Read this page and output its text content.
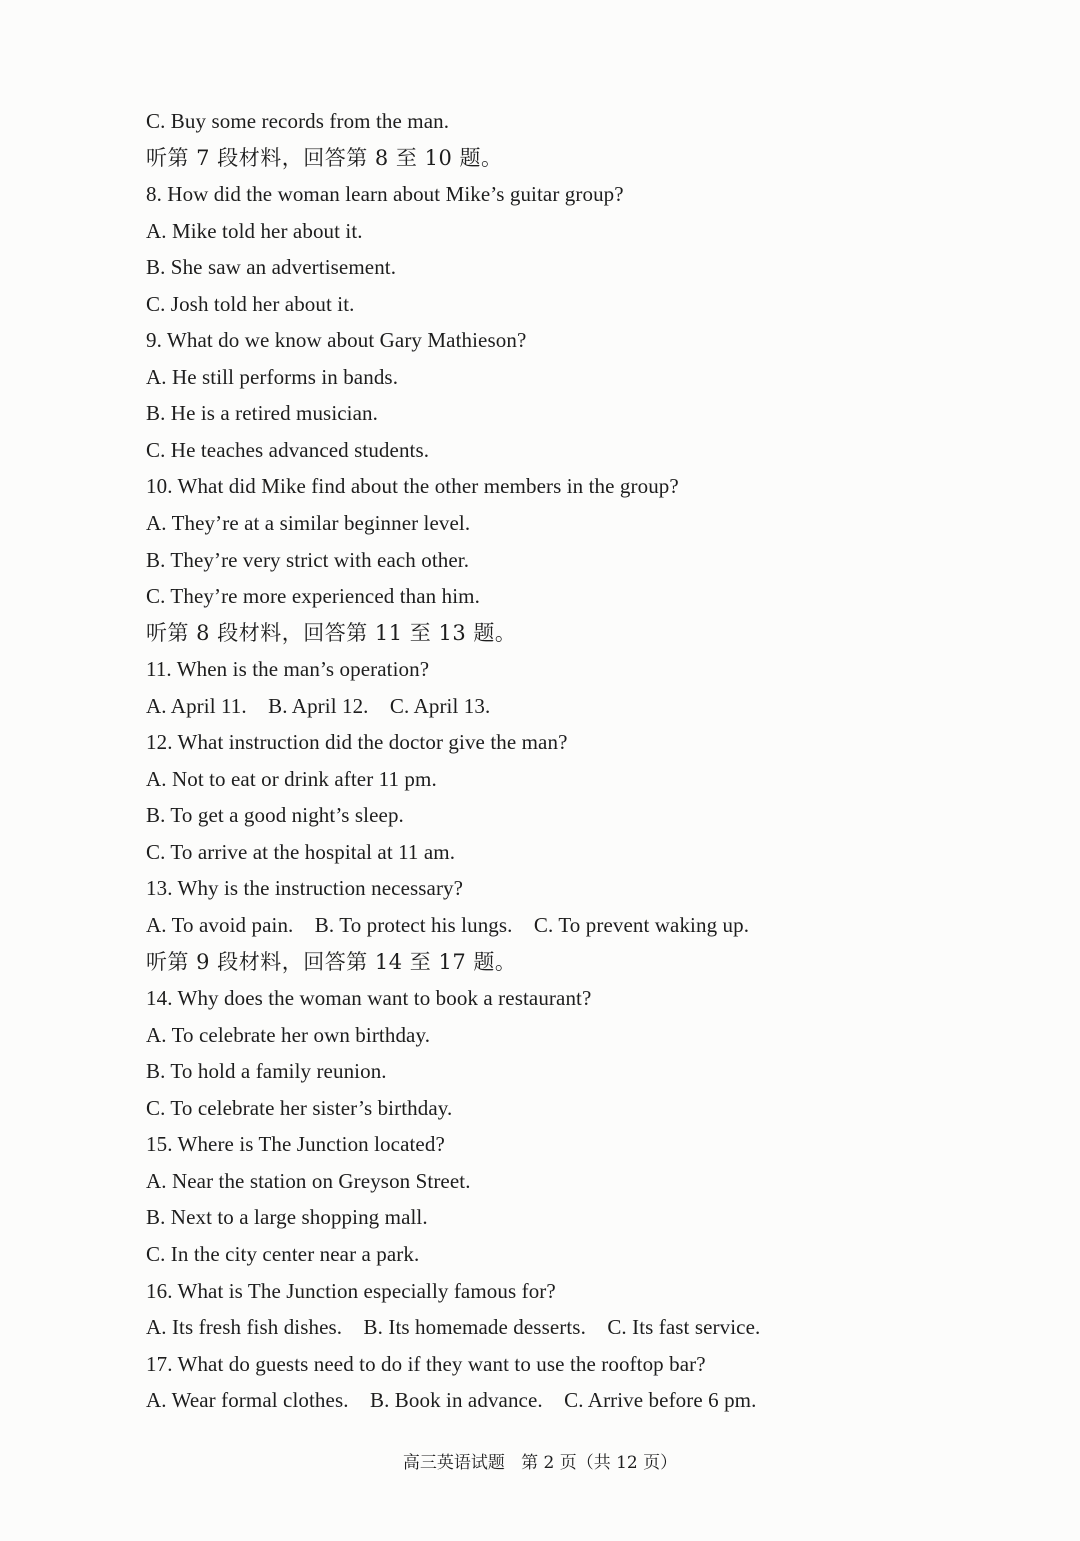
C. Buy some records from the man.
听第 7 段材料，回答第 8 至 10 题。
8. How did the woman learn about Mike’s guitar group?
A. Mike told her about it.
B. She saw an advertisement.
C. Josh told her about it.
9. What do we know about Gary Mathieson?
A. He still performs in bands.
B. He is a retired musician.
C. He teaches advanced students.
10. What did Mike find about the other members in the group?
A. They’re at a similar beginner level.
B. They’re very strict with each other.
C. They’re more experienced than him.
听第 8 段材料，回答第 11 至 13 题。
11. When is the man’s operation?
A. April 11.    B. April 12.    C. April 13.
12. What instruction did the doctor give the man?
A. Not to eat or drink after 11 pm.
B. To get a good night’s sleep.
C. To arrive at the hospital at 11 am.
13. Why is the instruction necessary?
A. To avoid pain.    B. To protect his lungs.    C. To prevent waking up.
听第 9 段材料，回答第 14 至 17 题。
14. Why does the woman want to book a restaurant?
A. To celebrate her own birthday.
B. To hold a family reunion.
C. To celebrate her sister’s birthday.
15. Where is The Junction located?
A. Near the station on Greyson Street.
B. Next to a large shopping mall.
C. In the city center near a park.
16. What is The Junction especially famous for?
A. Its fresh fish dishes.    B. Its homemade desserts.    C. Its fast service.
17. What do guests need to do if they want to use the rooftop bar?
A. Wear formal clothes.    B. Book in advance.    C. Arrive before 6 pm.
高三英语试题   第 2 页（共 12 页）
